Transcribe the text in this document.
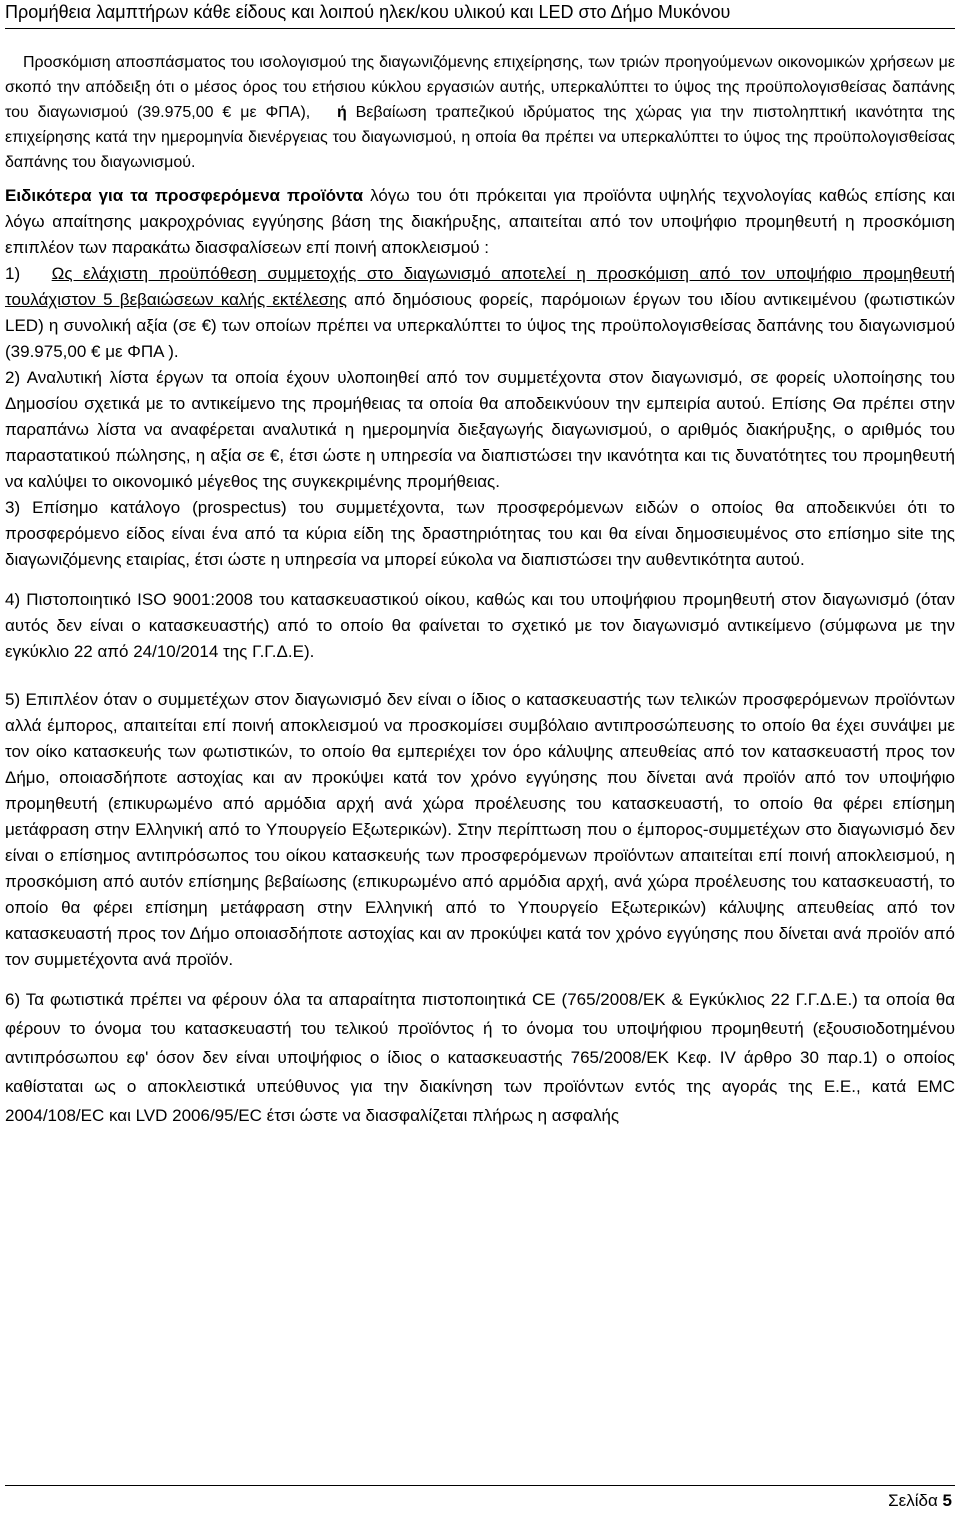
Προμήθεια λαμπτήρων κάθε είδους και λοιπού ηλεκ/κου υλικού και LED στο Δήμο Μυκόνου

Προσκόμιση αποσπάσματος του ισολογισμού της διαγωνιζόμενης επιχείρησης, των τριών προηγούμενων οικονομικών χρήσεων με σκοπό την απόδειξη ότι ο μέσος όρος του ετήσιου κύκλου εργασιών αυτής, υπερκαλύπτει το ύψος της προϋπολογισθείσας δαπάνης του διαγωνισμού (39.975,00 € με ΦΠΑ), ή Βεβαίωση τραπεζικού ιδρύματος της χώρας για την πιστοληπτική ικανότητα της επιχείρησης κατά την ημερομηνία διενέργειας του διαγωνισμού, η οποία θα πρέπει να υπερκαλύπτει το ύψος της προϋπολογισθείσας δαπάνης του διαγωνισμού.

Ειδικότερα για τα προσφερόμενα προϊόντα λόγω του ότι πρόκειται για προϊόντα υψηλής τεχνολογίας καθώς επίσης και λόγω απαίτησης μακροχρόνιας εγγύησης βάση της διακήρυξης, απαιτείται από τον υποψήφιο προμηθευτή η προσκόμιση επιπλέον των παρακάτω διασφαλίσεων επί ποινή αποκλεισμού :

1) Ως ελάχιστη προϋπόθεση συμμετοχής στο διαγωνισμό αποτελεί η προσκόμιση από τον υποψήφιο προμηθευτή τουλάχιστον 5 βεβαιώσεων καλής εκτέλεσης από δημόσιους φορείς, παρόμοιων έργων του ιδίου αντικειμένου (φωτιστικών LED) η συνολική αξία (σε €) των οποίων πρέπει να υπερκαλύπτει το ύψος της προϋπολογισθείσας δαπάνης του διαγωνισμού (39.975,00 € με ΦΠΑ ).

2) Αναλυτική λίστα έργων τα οποία έχουν υλοποιηθεί από τον συμμετέχοντα στον διαγωνισμό, σε φορείς υλοποίησης του Δημοσίου σχετικά με το αντικείμενο της προμήθειας τα οποία θα αποδεικνύουν την εμπειρία αυτού. Επίσης Θα πρέπει στην παραπάνω λίστα να αναφέρεται αναλυτικά η ημερομηνία διεξαγωγής διαγωνισμού, ο αριθμός διακήρυξης, ο αριθμός του παραστατικού πώλησης, η αξία σε €, έτσι ώστε η υπηρεσία να διαπιστώσει την ικανότητα και τις δυνατότητες του προμηθευτή να καλύψει το οικονομικό μέγεθος της συγκεκριμένης προμήθειας.

3) Επίσημο κατάλογο (prospectus) του συμμετέχοντα, των προσφερόμενων ειδών ο οποίος θα αποδεικνύει ότι το προσφερόμενο είδος είναι ένα από τα κύρια είδη της δραστηριότητας του και θα είναι δημοσιευμένος στο επίσημο site της διαγωνιζόμενης εταιρίας, έτσι ώστε η υπηρεσία να μπορεί εύκολα να διαπιστώσει την αυθεντικότητα αυτού.

4) Πιστοποιητικό ISO 9001:2008 του κατασκευαστικού οίκου, καθώς και του υποψήφιου προμηθευτή στον διαγωνισμό (όταν αυτός δεν είναι ο κατασκευαστής) από το οποίο θα φαίνεται το σχετικό με τον διαγωνισμό αντικείμενο (σύμφωνα με την εγκύκλιο 22 από 24/10/2014 της Γ.Γ.Δ.Ε).

5) Επιπλέον όταν ο συμμετέχων στον διαγωνισμό δεν είναι ο ίδιος ο κατασκευαστής των τελικών προσφερόμενων προϊόντων αλλά έμπορος, απαιτείται επί ποινή αποκλεισμού να προσκομίσει συμβόλαιο αντιπροσώπευσης το οποίο θα έχει συνάψει με τον οίκο κατασκευής των φωτιστικών, το οποίο θα εμπεριέχει τον όρο κάλυψης απευθείας από τον κατασκευαστή προς τον Δήμο, οποιασδήποτε αστοχίας και αν προκύψει κατά τον χρόνο εγγύησης που δίνεται ανά προϊόν από τον υποψήφιο προμηθευτή (επικυρωμένο από αρμόδια αρχή ανά χώρα προέλευσης του κατασκευαστή, το οποίο θα φέρει επίσημη μετάφραση στην Ελληνική από το Υπουργείο Εξωτερικών). Στην περίπτωση που ο έμπορος-συμμετέχων στο διαγωνισμό δεν είναι ο επίσημος αντιπρόσωπος του οίκου κατασκευής των προσφερόμενων προϊόντων απαιτείται επί ποινή αποκλεισμού, η προσκόμιση από αυτόν επίσημης βεβαίωσης (επικυρωμένο από αρμόδια αρχή, ανά χώρα προέλευσης του κατασκευαστή, το οποίο θα φέρει επίσημη μετάφραση στην Ελληνική από το Υπουργείο Εξωτερικών) κάλυψης απευθείας από τον κατασκευαστή προς τον Δήμο οποιασδήποτε αστοχίας και αν προκύψει κατά τον χρόνο εγγύησης που δίνεται ανά προϊόν από τον συμμετέχοντα ανά προϊόν.

6) Τα φωτιστικά πρέπει να φέρουν όλα τα απαραίτητα πιστοποιητικά CE (765/2008/ΕΚ & Εγκύκλιος 22 Γ.Γ.Δ.Ε.) τα οποία θα φέρουν το όνομα του κατασκευαστή του τελικού προϊόντος ή το όνομα του υποψήφιου προμηθευτή (εξουσιοδοτημένου αντιπρόσωπου εφ' όσον δεν είναι υποψήφιος ο ίδιος ο κατασκευαστής 765/2008/ΕΚ Κεφ. IV άρθρο 30 παρ.1) ο οποίος καθίσταται ως ο αποκλειστικά υπεύθυνος για την διακίνηση των προϊόντων εντός της αγοράς της Ε.Ε., κατά EMC 2004/108/EC και LVD 2006/95/EC έτσι ώστε να διασφαλίζεται πλήρως η ασφαλής

Σελίδα 5
